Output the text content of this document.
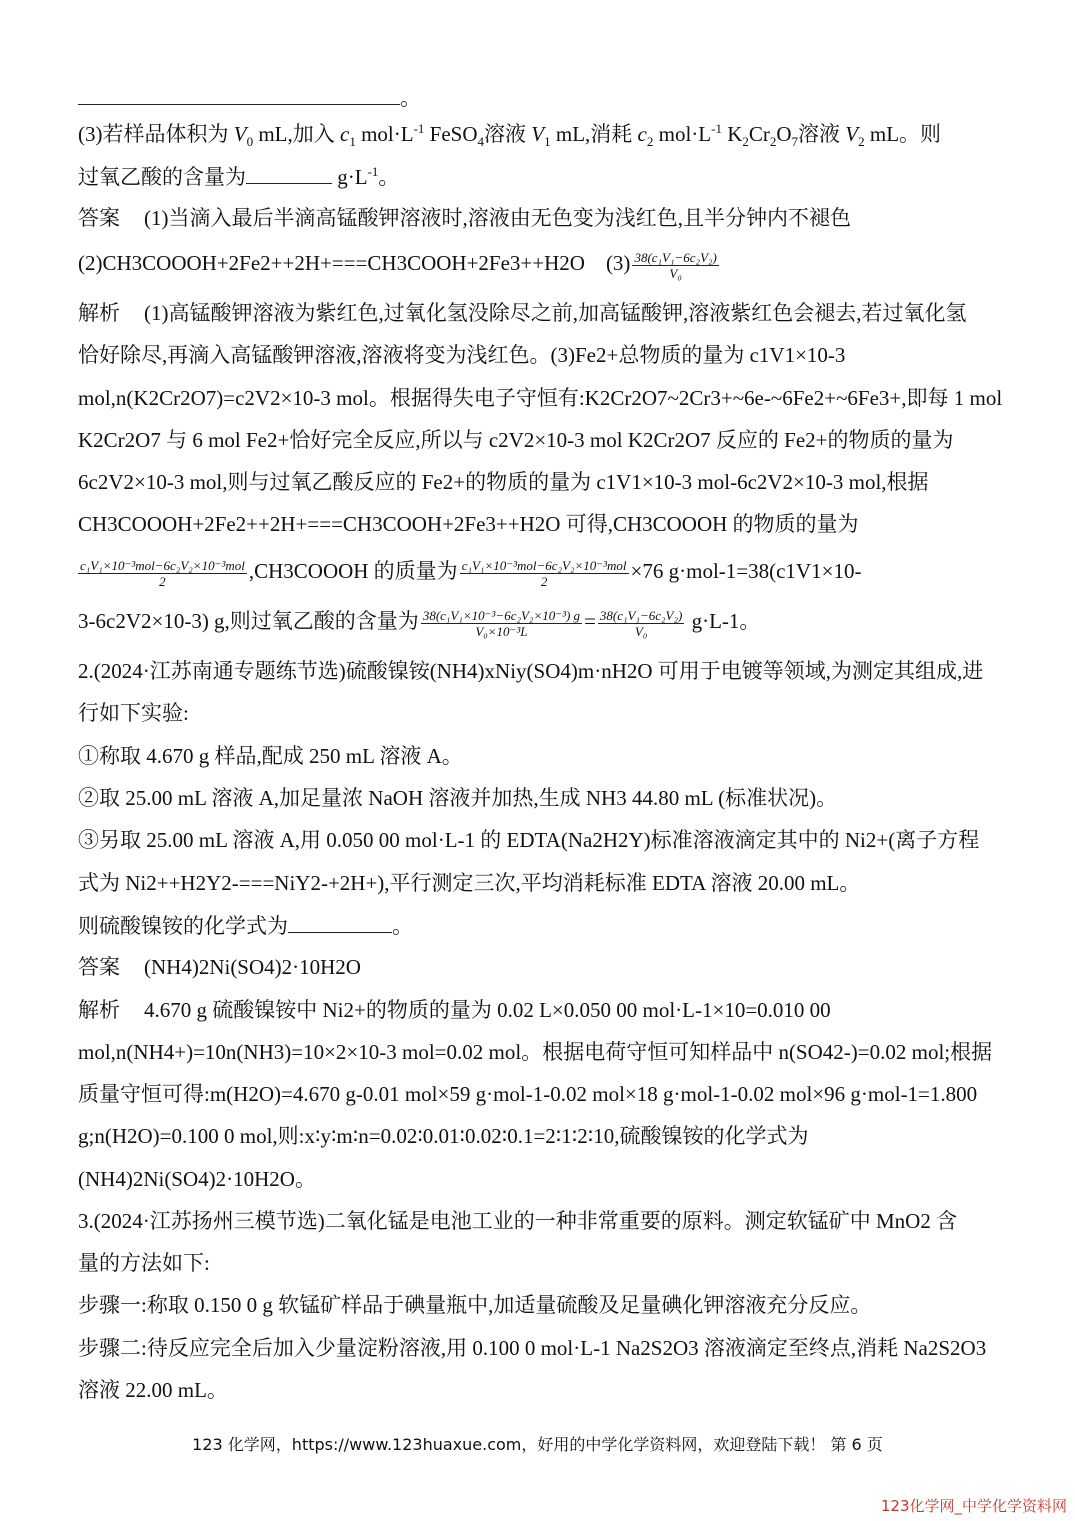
。
(3)若样品体积为 $V_0$ mL,加入 $c_1$ $mol\cdot L^{-1}$ FeSO$_4$溶液 $V_1$ mL,消耗 $c_2$ $mol\cdot L^{-1}$ $K_2Cr_2O_7$溶液 $V_2$ mL。则
过氧乙酸的含量为	$g\cdot L^{-1}$。
答案 (1)当滴入最后半滴高锰酸钾溶液时,溶液由无色变为浅红色,且半分钟内不褪色
(2)CH3COOOH+2Fe2++2H+===CH3COOH+2Fe3++H2O $(3) \frac{\text{38(c₁V₁−6c₂V₂)}}{\text{V₀}}$
解析 (1)高锰酸钾溶液为紫红色,过氧化氢没除尽之前,加高锰酸钾,溶液紫红色会褪去,若过氧化氢
恰好除尽,再滴入高锰酸钾溶液,溶液将变为浅红色。(3)Fe2+总物质的量为 c1V1×10-3
mol,n(K2Cr2O7)=c2V2×10-3 mol。根据得失电子守恒有:K2Cr2O7~2Cr3+~6e-~6Fe2+~6Fe3+,即每 1 mol
K2Cr2O7 与 6 mol Fe2+恰好完全反应,所以与 c2V2×10-3 mol K2Cr2O7 反应的 Fe2+的物质的量为
6c2V2×10-3 mol,则与过氧乙酸反应的 Fe2+的物质的量为 c1V1×10-3 mol-6c2V2×10-3 mol,根据
CH3COOOH+2Fe2++2H+===CH3COOH+2Fe3++H2O 可得,CH3COOOH 的物质的量为
$\frac{\text{c₁V₁×10⁻³mol−6c₂V₂×10⁻³mol}}{2}$ ,CH3COOOH 的质量为 $\frac{\text{c₁V₁×10⁻³mol−6c₂V₂×10⁻³mol}}{2} \times 76$ g·mol-1=38(c1V1×10-
3-6c2V2×10-3) g,则过氧乙酸的含量为 $\frac{\text{38(c₁V₁×10⁻³−6c₂V₂×10⁻³) g}}{\text{V₀×10⁻³L}} = \frac{\text{38(c₁V₁−6c₂V₂)}}{\text{V₀}} g\cdot L-1$。
2.(2024·江苏南通专题练节选)硫酸镍铵(NH4)xNiy(SO4)m·nH2O 可用于电镀等领域,为测定其组成,进
行如下实验:
①称取 4.670 g 样品,配成 250 mL 溶液 A。
②取 25.00 mL 溶液 A,加足量浓 NaOH 溶液并加热,生成 NH3 44.80 mL (标准状况)。
③另取 25.00 mL 溶液 A,用 0.050 00 mol·L-1 的 EDTA(Na2H2Y)标准溶液滴定其中的 Ni2+(离子方程
式为 Ni2++H2Y2-===NiY2-+2H+),平行测定三次,平均消耗标准 EDTA 溶液 20.00 mL。
则硫酸镍铵的化学式为	。
答案 (NH4)2Ni(SO4)2·10H2O
解析 4.670 g 硫酸镍铵中 Ni2+的物质的量为 0.02 L×0.050 00 mol·L-1×10=0.010 00
mol,n(NH4+)=10n(NH3)=10×2×10-3 mol=0.02 mol。根据电荷守恒可知样品中 n(SO42-)=0.02 mol;根据
质量守恒可得:m(H2O)=4.670 g-0.01 mol×59 g·mol-1-0.02 mol×18 g·mol-1-0.02 mol×96 g·mol-1=1.800
g;n(H2O)=0.100 0 mol,则:x∶y∶m∶n=0.02∶0.01∶0.02∶0.1=2∶1∶2∶10,硫酸镍铵的化学式为
(NH4)2Ni(SO4)2·10H2O。
3.(2024·江苏扬州三模节选)二氧化锰是电池工业的一种非常重要的原料。测定软锰矿中 MnO2 含
量的方法如下:
步骤一:称取 0.150 0 g 软锰矿样品于碘量瓶中,加适量硫酸及足量碘化钾溶液充分反应。
步骤二:待反应完全后加入少量淀粉溶液,用 0.100 0 mol·L-1 Na2S2O3 溶液滴定至终点,消耗 Na2S2O3
溶液 22.00 mL。
123 化学网，https://www.123huaxue.com，好用的中学化学资料网，欢迎登陆下载！ 第 6 页
123化学网_中学化学资料网
